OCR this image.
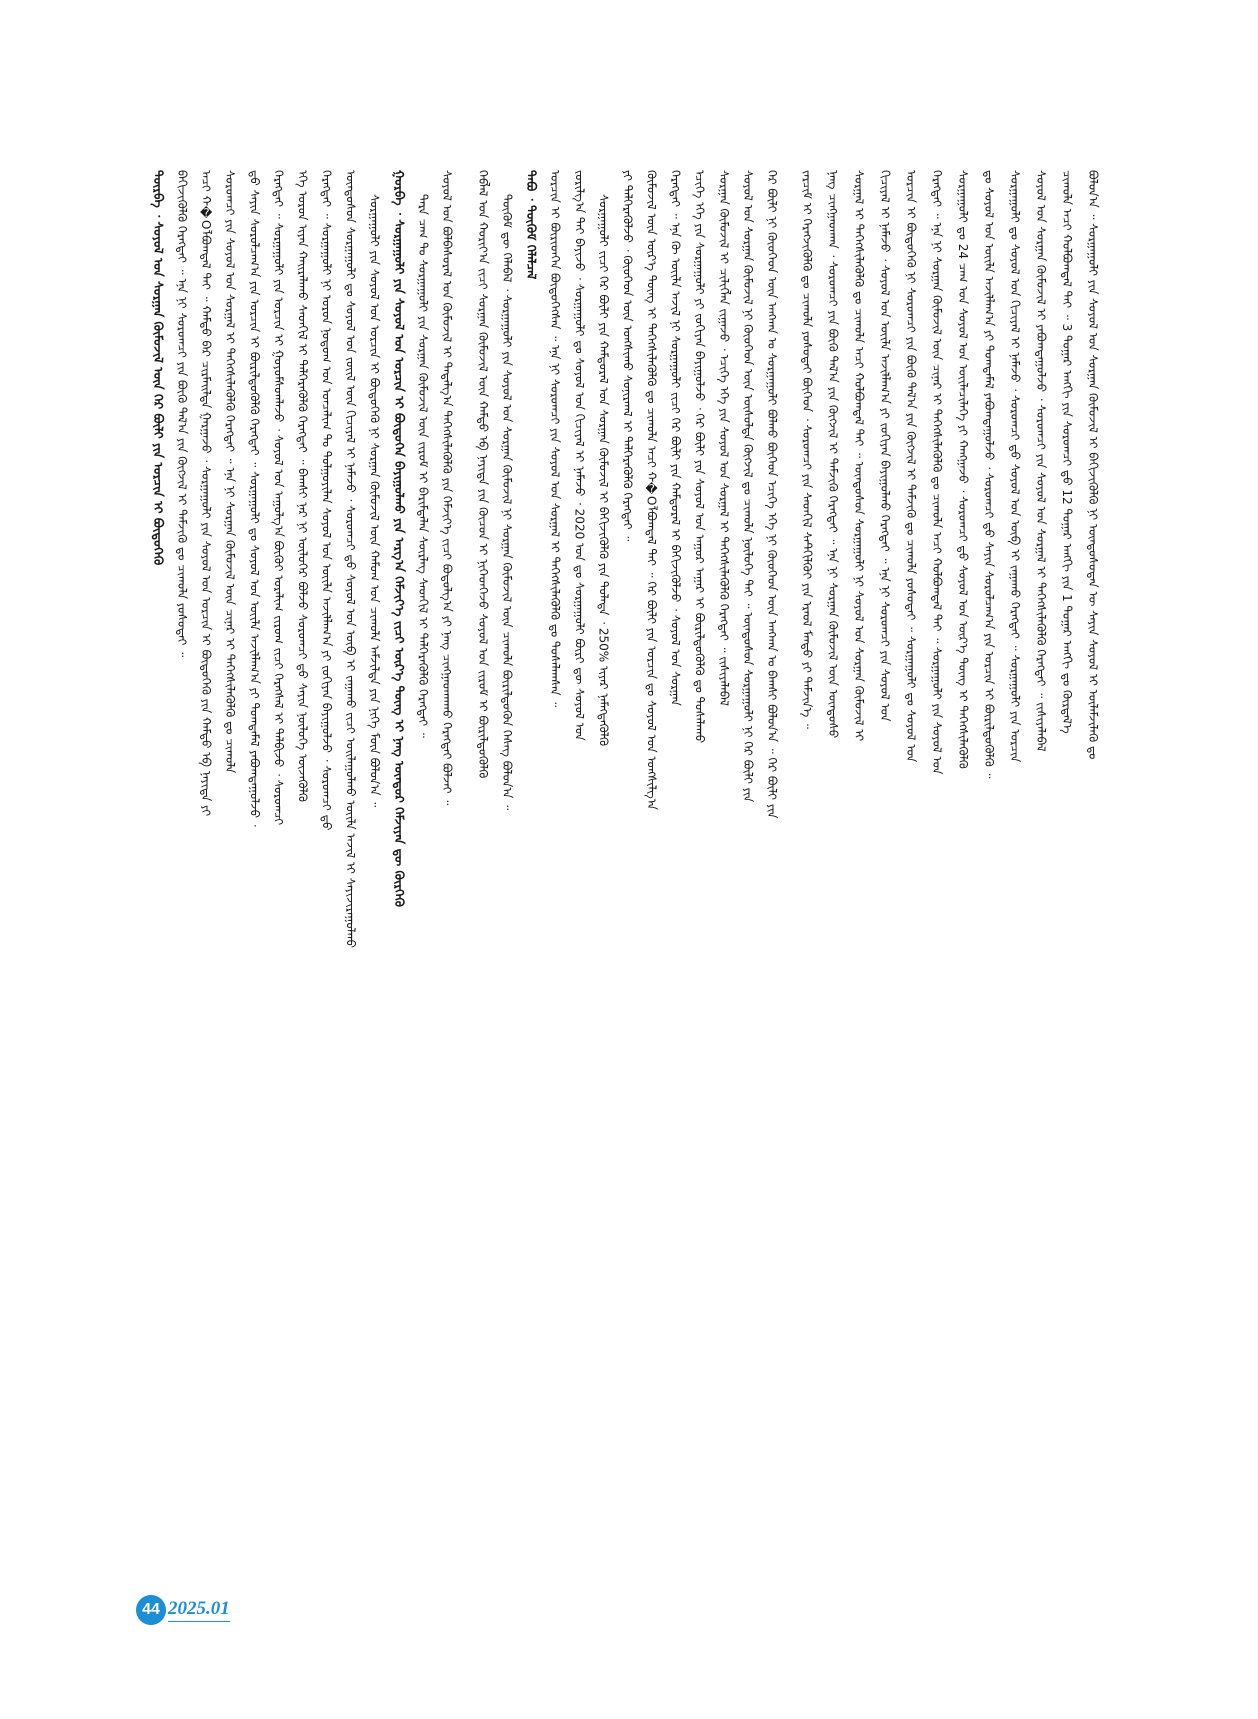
ᠪᠣᠯᠤᠨ᠎ᠠ ᠃ ᠰᠤᠷᠭᠠᠭᠤᠯᠢ ᠶᠢᠨ ᠰᠣᠶᠣᠯ ᠤᠨ ᠰᠤᠷᠭᠠᠨ ᠬᠦᠮᠦᠵᠢᠯ ᠢ ᠪᠡᠬᠢᠵᠢᠭᠦᠯᠬᠦ ᠨᠢ ᠦᠨᠳᠦᠰᠦᠲᠡᠨ ᠦ ᠰᠠᠶᠢᠨ ᠰᠣᠶᠣᠯ ᠢ ᠦᠯᠡᠮᠵᠢᠯᠡᠬᠦ ᠳᠤ
ᠴᠢᠬᠤᠯᠠ ᠠᠴᠢ ᠬᠣᠯᠪᠣᠭᠳᠠᠯ ᠲᠠᠢ ᠃ 3 ᠳᠤᠭᠠᠷ ᠠᠩᠭᠢ ᠶᠢᠨ ᠰᠤᠷᠤᠭᠴᠢ ᠳ᠋ᠤ 12 ᠳᠤᠭᠠᠷ ᠠᠩᠭᠢ ᠶᠢᠨ 1 ᠳᠤᠭᠠᠷ ᠠᠩᠭᠢ ᠳᠤ ᠬᠦᠷᠲᠡᠯ᠎ᠡ
ᠰᠣᠶᠣᠯ ᠤᠨ ᠰᠤᠷᠭᠠᠨ ᠬᠦᠮᠦᠵᠢᠯ ᠢ ᠶᠠᠪᠤᠭᠳᠠᠭᠤᠯᠵᠤ ᠂ ᠰᠤᠷᠤᠭᠴᠢ ᠶᠢᠨ ᠰᠣᠶᠣᠯ ᠤᠨ ᠰᠤᠷᠭᠠᠯ ᠢ ᠳᠡᠭᠡᠭᠰᠢᠯᠡᠭᠦᠯᠬᠦ ᠬᠡᠷᠡᠭᠲᠡᠢ ᠃ ᠵᠢᠱᠢᠶᠡᠯᠡᠪᠡᠯ
ᠰᠤᠷᠭᠠᠭᠤᠯᠢ ᠳᠤ ᠰᠣᠶᠣᠯ ᠤᠨ ᠬᠢᠴᠢᠶᠡᠯ ᠢ ᠨᠡᠮᠡᠵᠦ ᠂ ᠰᠤᠷᠤᠭᠴᠢ ᠳ᠋ᠤ ᠰᠣᠶᠣᠯ ᠤᠨ ᠦᠪ ᠢ ᠵᠠᠭᠠᠬᠤ ᠬᠡᠷᠡᠭᠲᠡᠢ ᠃ ᠰᠤᠷᠭᠠᠭᠤᠯᠢ ᠶᠢᠨ ᠣᠷᠴᠢᠨ
ᠳᠤ ᠰᠣᠶᠣᠯ ᠤᠨ ᠦᠢᠯᠡ ᠠᠵᠢᠯᠯᠠᠭ᠎ᠠ ᠶᠢ ᠲᠣᠭᠲᠠᠮᠠᠯ ᠶᠠᠪᠤᠭᠳᠠᠭᠤᠯᠵᠤ ᠂ ᠰᠤᠷᠤᠭᠴᠢ ᠳ᠋ᠤ ᠰᠠᠶᠢᠨ ᠰᠤᠷᠤᠯᠴᠠᠭ᠎ᠠ ᠶᠢᠨ ᠣᠷᠴᠢᠨ ᠢ ᠪᠦᠷᠢᠯᠳᠦᠭᠦᠯᠬᠦ ᠃
ᠰᠤᠷᠭᠠᠭᠤᠯᠢ ᠳᠤ 24 ᠴᠠᠭ ᠤᠨ ᠰᠣᠶᠣᠯ ᠤᠨ ᠦᠢᠯᠡᠴᠢᠯᠡᠭᠡ ᠶᠢ ᠬᠠᠩᠭᠠᠵᠤ ᠂ ᠰᠤᠷᠤᠭᠴᠢ ᠳ᠋ᠤ ᠰᠣᠶᠣᠯ ᠤᠨ ᠦᠷ᠎ᠡ ᠳᠦᠩ ᠢ ᠳᠡᠭᠡᠭᠰᠢᠯᠡᠭᠦᠯᠬᠦ
ᠬᠡᠷᠡᠭᠲᠡᠢ ᠃ ᠡᠨᠡ ᠨᠢ ᠰᠤᠷᠭᠠᠨ ᠬᠦᠮᠦᠵᠢᠯ ᠦᠨ ᠴᠢᠨᠠᠷ ᠢ ᠳᠡᠭᠡᠭᠰᠢᠯᠡᠭᠦᠯᠬᠦ ᠳᠤ ᠴᠢᠬᠤᠯᠠ ᠠᠴᠢ ᠬᠣᠯᠪᠣᠭᠳᠠᠯ ᠲᠠᠢ ᠃ ᠰᠤᠷᠭᠠᠭᠤᠯᠢ ᠶᠢᠨ ᠰᠣᠶᠣᠯ ᠤᠨ
ᠣᠷᠴᠢᠨ ᠢ ᠪᠦᠲᠦᠭᠡᠬᠦ ᠨᠢ ᠰᠤᠷᠤᠭᠴᠢ ᠶᠢᠨ ᠪᠦᠬᠦ ᠲᠠᠯ᠎ᠠ ᠶᠢᠨ ᠬᠥᠭᠵᠢᠯ ᠢ ᠳᠡᠮᠵᠢᠬᠦ ᠳᠤ ᠴᠢᠬᠤᠯᠠ ᠶᠤᠰᠤᠲᠠᠢ ᠃ ᠰᠤᠷᠭᠠᠭᠤᠯᠢ ᠳᠤ ᠰᠣᠶᠣᠯ ᠤᠨ
ᠬᠢᠴᠢᠶᠡᠯ ᠢ ᠨᠡᠮᠡᠵᠦ ᠂ ᠰᠣᠶᠣᠯ ᠤᠨ ᠦᠢᠯᠡ ᠠᠵᠢᠯᠯᠠᠭ᠎ᠠ ᠶᠢ ᠵᠣᠬᠢᠶᠠᠨ ᠪᠠᠶᠢᠭᠤᠯᠬᠤ ᠬᠡᠷᠡᠭᠲᠡᠢ ᠃ ᠡᠨᠡ ᠨᠢ ᠰᠤᠷᠤᠭᠴᠢ ᠶᠢᠨ ᠰᠣᠶᠣᠯ ᠤᠨ
ᠰᠤᠷᠭᠠᠯ ᠢ ᠳᠡᠭᠡᠭᠰᠢᠯᠡᠭᠦᠯᠬᠦ ᠳᠤ ᠴᠢᠬᠤᠯᠠ ᠠᠴᠢ ᠬᠣᠯᠪᠣᠭᠳᠠᠯ ᠲᠠᠢ ᠃ ᠦᠨᠳᠦᠰᠦᠨ ᠰᠤᠷᠭᠠᠭᠤᠯᠢ ᠨᠢ ᠰᠣᠶᠣᠯ ᠤᠨ ᠰᠤᠷᠭᠠᠨ ᠬᠦᠮᠦᠵᠢᠯ ᠢ
ᠨᠡᠩ ᠴᠢᠩᠭᠠᠳᠬᠠᠨ ᠂ ᠰᠤᠷᠤᠭᠴᠢ ᠶᠢᠨ ᠪᠦᠬᠦ ᠲᠠᠯ᠎ᠠ ᠶᠢᠨ ᠬᠥᠭᠵᠢᠯ ᠢ ᠳᠡᠮᠵᠢᠬᠦ ᠬᠡᠷᠡᠭᠲᠡᠢ ᠃ ᠡᠨᠡ ᠨᠢ ᠰᠤᠷᠭᠠᠨ ᠬᠦᠮᠦᠵᠢᠯ ᠦᠨ ᠦᠨᠳᠦᠰᠦ
ᠵᠠᠷᠴᠢᠮ ᠢ ᠬᠡᠷᠡᠭᠵᠢᠭᠦᠯᠬᠦ ᠳᠤ ᠴᠢᠬᠤᠯᠠ ᠶᠤᠰᠤᠲᠠᠢ ᠪᠥᠭᠡᠳ ᠂ ᠰᠤᠷᠤᠭᠴᠢ ᠶᠢᠨ ᠰᠡᠳᠬᠢᠯ ᠰᠡᠲᠬᠢᠯᠬᠦᠢ ᠶᠢᠨ ᠡᠷᠡᠦᠯ ᠮᠡᠨᠳᠦ ᠶᠢ ᠳᠡᠮᠵᠢᠨ᠎ᠡ ᠃
ᠭᠡᠷ ᠪᠦᠯᠢ ᠨᠢ ᠬᠦᠦᠬᠡᠳ ᠦᠨ ᠠᠩᠬᠠᠨ ᠤ ᠰᠤᠷᠭᠠᠭᠤᠯᠢ ᠪᠣᠯᠬᠤ ᠪᠥᠭᠡᠳ ᠡᠴᠢᠭᠡ ᠡᠬᠡ ᠨᠢ ᠬᠦᠦᠬᠡᠳ ᠦᠨ ᠠᠩᠬᠠᠨ ᠤ ᠪᠠᠭᠰᠢ ᠪᠣᠯᠤᠨ᠎ᠠ ᠃ ᠭᠡᠷ ᠪᠦᠯᠢ ᠶᠢᠨ
ᠰᠣᠶᠣᠯ ᠤᠨ ᠰᠤᠷᠭᠠᠨ ᠬᠦᠮᠦᠵᠢᠯ ᠨᠢ ᠬᠦᠦᠬᠡᠳ ᠦᠨ ᠥᠰᠦᠯᠲᠡ ᠬᠥᠭᠵᠢᠯ ᠳᠤ ᠴᠢᠬᠤᠯᠠ ᠨᠥᠯᠦᠭᠡ ᠲᠠᠢ ᠃ ᠦᠨᠳᠦᠰᠦᠨ ᠰᠤᠷᠭᠠᠭᠤᠯᠢ ᠨᠢ ᠭᠡᠷ ᠪᠦᠯᠢ ᠶᠢᠨ
ᠰᠤᠷᠭᠠᠨ ᠬᠦᠮᠦᠵᠢᠯ ᠢ ᠴᠢᠯᠢᠭᠯᠡᠨ ᠵᠢᠭᠠᠵᠤ ᠂ ᠡᠴᠢᠭᠡ ᠡᠬᠡ ᠶᠢᠨ ᠰᠣᠶᠣᠯ ᠤᠨ ᠰᠤᠷᠭᠠᠯ ᠢ ᠳᠡᠭᠡᠭᠰᠢᠯᠡᠭᠦᠯᠬᠦ ᠬᠡᠷᠡᠭᠲᠡᠢ ᠃ ᠵᠢᠱᠢᠶᠡᠯᠡᠪᠡᠯ
ᠡᠴᠢᠭᠡ ᠡᠬᠡ ᠶᠢᠨ ᠰᠤᠷᠭᠠᠭᠤᠯᠢ ᠶᠢ ᠵᠣᠬᠢᠶᠠᠨ ᠪᠠᠶᠢᠭᠤᠯᠵᠤ ᠂ ᠭᠡᠷ ᠪᠦᠯᠢ ᠶᠢᠨ ᠰᠣᠶᠣᠯ ᠤᠨ ᠠᠭᠤᠷ ᠠᠭᠠᠷ ᠢ ᠪᠦᠷᠢᠯᠳᠦᠭᠦᠯᠬᠦ ᠳᠤ ᠲᠤᠰᠠᠯᠠᠬᠤ
ᠬᠡᠷᠡᠭᠲᠡᠢ ᠃ ᠡᠨᠡ ᠬᠦ ᠦᠢᠯᠡ ᠠᠵᠢᠯ ᠨᠢ ᠰᠤᠷᠭᠠᠭᠤᠯᠢ ᠵᠢᠴᠢ ᠭᠡᠷ ᠪᠦᠯᠢ ᠶᠢᠨ ᠬᠠᠮᠲᠤᠷᠠᠯ ᠢ ᠪᠡᠬᠢᠵᠢᠭᠦᠯᠵᠦ ᠂ ᠰᠣᠶᠣᠯ ᠤᠨ ᠰᠤᠷᠭᠠᠨ
ᠬᠦᠮᠦᠵᠢᠯ ᠦᠨ ᠦᠷ᠎ᠡ ᠳᠦᠩ ᠢ ᠳᠡᠭᠡᠭᠰᠢᠯᠡᠭᠦᠯᠬᠦ ᠳᠤ ᠴᠢᠬᠤᠯᠠ ᠠᠴᠢ ᠬ�Оᠯᠪᠣᠭᠳᠠᠯ ᠲᠠᠢ ᠃ ᠭᠡᠷ ᠪᠦᠯᠢ ᠶᠢᠨ ᠣᠷᠴᠢᠨ ᠳᠤ ᠰᠣᠶᠣᠯ ᠤᠨ ᠤᠩᠰᠢᠯᠭ᠎ᠠ
ᠶᠢ ᠳᠡᠯᠭᠡᠷᠡᠭᠦᠯᠵᠦ ᠂ ᠬᠦᠦᠬᠡᠳ ᠦᠨ ᠤᠩᠰᠢᠬᠤ ᠰᠣᠨᠢᠷᠬᠠᠯ ᠢ ᠲᠡᠯᠭᠡᠷᠡᠭᠦᠯᠬᠦ ᠬᠡᠷᠡᠭᠲᠡᠢ ᠃
ᠰᠤᠷᠭᠠᠭᠤᠯᠢ ᠵᠢᠴᠢ ᠭᠡᠷ ᠪᠦᠯᠢ ᠶᠢᠨ ᠬᠠᠮᠲᠤᠷᠠᠯ ᠤᠨ ᠰᠤᠷᠭᠠᠨ ᠬᠦᠮᠦᠵᠢᠯ ᠢ ᠪᠡᠬᠢᠵᠢᠭᠦᠯᠬᠦ ᠶᠢᠨ ᠲᠤᠯᠠᠳᠠ ᠂ 250% ᠢᠶᠠᠷ ᠨᠡᠮᠡᠭᠳᠡᠭᠦᠯᠬᠦ
ᠵᠣᠷᠢᠯᠭ᠎ᠠ ᠲᠠᠢ ᠪᠠᠶᠢᠵᠤ ᠂ ᠰᠤᠷᠭᠠᠭᠤᠯᠢ ᠳᠤ ᠰᠣᠶᠣᠯ ᠤᠨ ᠬᠢᠴᠢᠶᠡᠯ ᠢ ᠨᠡᠮᠡᠵᠦ ᠂ 2020 ᠣᠨ ᠳᠤ ᠰᠤᠷᠭᠠᠭᠤᠯᠢ ᠪᠦᠷᠢ ᠳᠦ ᠰᠣᠶᠣᠯ ᠤᠨ
ᠣᠷᠴᠢᠨ ᠢ ᠪᠦᠷᠢᠳᠬᠡᠨ ᠪᠦᠲᠦᠭᠡᠭᠰᠡᠨ ᠃ ᠡᠨᠡ ᠨᠢ ᠰᠤᠷᠤᠭᠴᠢ ᠶᠢᠨ ᠰᠣᠶᠣᠯ ᠤᠨ ᠰᠤᠷᠭᠠᠯ ᠢ ᠳᠡᠭᠡᠭᠰᠢᠯᠡᠭᠦᠯᠬᠦ ᠳᠤ ᠲᠤᠰᠠᠯᠠᠭᠰᠠᠨ ᠃
ᠲᠠᠪᠤ ᠂ ᠳᠦᠭᠦᠮ ᠬᠡᠯᠡᠯᠴᠡᠯ
ᠳᠦᠭᠦᠮ ᠳᠦ ᠬᠡᠯᠡᠪᠡᠯ ᠂ ᠰᠤᠷᠭᠠᠭᠤᠯᠢ ᠶᠢᠨ ᠰᠣᠶᠣᠯ ᠤᠨ ᠰᠤᠷᠭᠠᠨ ᠬᠦᠮᠦᠵᠢᠯ ᠨᠢ ᠰᠤᠷᠭᠠᠨ ᠬᠦᠮᠦᠵᠢᠯ ᠦᠨ ᠴᠢᠬᠤᠯᠠ ᠪᠦᠷᠢᠯᠳᠦᠬᠦᠨ ᠬᠡᠰᠡᠭ ᠪᠣᠯᠤᠨ᠎ᠠ ᠃
ᠬᠡᠪᠯᠡᠯ ᠤᠨ ᠬᠣᠷᠢᠶ᠎ᠠ ᠵᠢᠴᠢ ᠰᠤᠷᠭᠠᠨ ᠬᠦᠮᠦᠵᠢᠯ ᠦᠨ ᠬᠠᠮᠲᠤ ᠡᠪ ᠨᠡᠶᠢᠲᠡ ᠶᠢᠨ ᠬᠦᠴᠦᠨ ᠢ ᠨᠢᠭᠡᠳᠭᠡᠵᠦ ᠰᠣᠶᠣᠯ ᠤᠨ ᠵᠢᠷᠤᠮ ᠢ ᠪᠦᠷᠢᠯᠳᠦᠭᠦᠯᠬᠦ
ᠰᠣᠶᠣᠯ ᠤᠨ ᠪᠣᠯᠪᠠᠰᠤᠷᠠᠯ ᠤᠨ ᠬᠦᠮᠦᠵᠢᠯ ᠢ ᠲᠠᠲᠠᠯᠭ᠎ᠠ ᠳᠡᠭᠡᠭᠰᠢᠯᠡᠭᠦᠯᠬᠦ ᠶᠢᠨ ᠬᠡᠮᠵᠢᠶ᠎ᠡ ᠵᠢᠴᠢ ᠪᠣᠳᠤᠯᠭ᠎ᠠ ᠶᠢ ᠨᠡᠩ ᠴᠢᠩᠭᠠᠳᠬᠠᠬᠤ ᠬᠡᠷᠡᠭᠲᠡᠢ ᠪᠣᠯᠵᠠᠢ ᠃
ᠲᠡᠷᠡ ᠴᠠᠭ ᠲᠤ ᠰᠤᠷᠭᠠᠭᠤᠯᠢ ᠶᠢᠨ ᠰᠤᠷᠭᠠᠨ ᠬᠦᠮᠦᠵᠢᠯ ᠦᠨ ᠵᠢᠷᠤᠮ ᠢ ᠪᠠᠷᠢᠮᠲᠠᠯᠠᠨ ᠰᠦᠷᠯᠡᠭ ᠰᠡᠳᠬᠢᠯ ᠢ ᠲᠡᠯᠭᠡᠷᠡᠭᠦᠯᠬᠦ ᠬᠡᠷᠡᠭᠲᠡᠢ ᠃
ᠭᠤᠷᠪᠠ ᠂ ᠰᠤᠷᠭᠠᠭᠤᠯᠢ ᠶᠢᠨ ᠰᠣᠶᠣᠯ ᠤᠨ ᠣᠷᠴᠢᠨ ᠢ ᠪᠦᠲᠦᠭᠡᠨ ᠪᠠᠶᠢᠭᠤᠯᠬᠤ ᠶᠢᠨ ᠠᠷᠭ᠎ᠠ ᠬᠡᠮᠵᠢᠶ᠎ᠡ ᠵᠢᠴᠢ ᠦᠷ᠎ᠡ ᠳᠦᠩ ᠢ ᠨᠡᠩ ᠦᠨᠳᠦᠷ ᠬᠡᠮᠵᠢᠶᠡᠨ ᠳᠦ ᠬᠦᠷᠭᠡᠬᠦ
ᠰᠤᠷᠭᠠᠭᠤᠯᠢ ᠶᠢᠨ ᠰᠣᠶᠣᠯ ᠤᠨ ᠣᠷᠴᠢᠨ ᠢ ᠪᠦᠲᠦᠭᠡᠬᠦ ᠨᠢ ᠰᠤᠷᠭᠠᠨ ᠬᠦᠮᠦᠵᠢᠯ ᠦᠨ ᠬᠠᠮᠤᠭ ᠤᠨ ᠴᠢᠬᠤᠯᠠ ᠠᠮᠵᠢᠯᠲᠠ ᠶᠢᠨ ᠨᠢᠭᠡ ᠮᠥᠨ ᠪᠣᠯᠤᠨ᠎ᠠ ᠃
ᠦᠨᠳᠦᠰᠦᠨ ᠰᠤᠷᠭᠠᠭᠤᠯᠢ ᠳᠤ ᠰᠣᠶᠣᠯ ᠤᠨ ᠵᠦᠢᠯ ᠦᠨ ᠬᠢᠴᠢᠶᠡᠯ ᠢ ᠨᠡᠮᠡᠵᠦ ᠂ ᠰᠤᠷᠤᠭᠴᠢ ᠳ᠋ᠤ ᠰᠣᠶᠣᠯ ᠤᠨ ᠦᠪ ᠢ ᠵᠠᠭᠠᠬᠤ ᠵᠢᠴᠢ ᠣᠢᠯᠠᠭᠤᠯᠬᠤ ᠦᠢᠯᠡ ᠠᠵᠢᠯ ᠢ ᠰᠠᠶᠢᠵᠢᠷᠠᠭᠤᠯᠬᠤ
ᠬᠡᠷᠡᠭᠲᠡᠢ ᠃ ᠰᠤᠷᠭᠠᠭᠤᠯᠢ ᠨᠢ ᠣᠷᠤᠨ ᠨᠤᠲᠤᠭ ᠤᠨ ᠣᠨᠴᠠᠯᠢᠭ ᠲᠤ ᠲᠣᠯᠭᠣᠶᠢᠯᠠᠨ ᠰᠣᠶᠣᠯ ᠤᠨ ᠦᠢᠯᠡ ᠠᠵᠢᠯᠯᠠᠭ᠎ᠠ ᠶᠢ ᠵᠣᠬᠢᠶᠠᠨ ᠪᠠᠶᠢᠭᠤᠯᠵᠤ ᠂ ᠰᠤᠷᠤᠭᠴᠢ ᠳ᠋ᠤ
ᠡᠬᠡ ᠣᠷᠤᠨ ᠢᠶᠠᠨ ᠬᠠᠢᠷᠠᠯᠠᠬᠤ ᠰᠡᠳᠬᠢᠯ ᠢ ᠲᠡᠯᠭᠡᠷᠡᠭᠦᠯᠬᠦ ᠬᠡᠷᠡᠭᠲᠡᠢ ᠃ ᠪᠠᠭᠰᠢ ᠨᠠᠷ ᠨᠢ ᠦᠯᠦᠭᠡᠷ ᠪᠣᠯᠵᠤ ᠰᠤᠷᠤᠭᠴᠢ ᠳ᠋ᠤ ᠰᠠᠶᠢᠨ ᠨᠥᠯᠦᠭᠡ ᠦᠵᠡᠭᠦᠯᠬᠦ
ᠬᠡᠷᠡᠭᠲᠡᠢ ᠃ ᠰᠤᠷᠭᠠᠭᠤᠯᠢ ᠶᠢᠨ ᠣᠷᠴᠢᠨ ᠢ ᠭᠣᠶᠣᠮᠰᠤᠭᠯᠠᠵᠤ ᠂ ᠰᠣᠶᠣᠯ ᠤᠨ ᠠᠭᠤᠯᠭ᠎ᠠ ᠪᠦᠬᠦᠢ ᠤᠷᠠᠯᠢᠭ ᠵᠢᠷᠤᠭ ᠵᠢᠴᠢ ᠬᠡᠷᠡᠭᠰᠡᠯ ᠢ ᠲᠠᠯᠪᠢᠵᠤ ᠂ ᠰᠤᠷᠤᠭᠴᠢ
ᠳ᠋ᠤ ᠰᠠᠶᠢᠨ ᠰᠤᠷᠤᠯᠴᠠᠭ᠎ᠠ ᠶᠢᠨ ᠣᠷᠴᠢᠨ ᠢ ᠪᠦᠷᠢᠯᠳᠦᠭᠦᠯᠬᠦ ᠬᠡᠷᠡᠭᠲᠡᠢ ᠃ ᠰᠤᠷᠭᠠᠭᠤᠯᠢ ᠳᠤ ᠰᠣᠶᠣᠯ ᠤᠨ ᠦᠢᠯᠡ ᠠᠵᠢᠯᠯᠠᠭ᠎ᠠ ᠶᠢ ᠲᠣᠭᠲᠠᠮᠠᠯ ᠶᠠᠪᠤᠭᠳᠠᠭᠤᠯᠵᠤ ᠂
ᠰᠤᠷᠤᠭᠴᠢ ᠶᠢᠨ ᠰᠣᠶᠣᠯ ᠤᠨ ᠰᠤᠷᠭᠠᠯ ᠢ ᠳᠡᠭᠡᠭᠰᠢᠯᠡᠭᠦᠯᠬᠦ ᠬᠡᠷᠡᠭᠲᠡᠢ ᠃ ᠡᠨᠡ ᠨᠢ ᠰᠤᠷᠭᠠᠨ ᠬᠦᠮᠦᠵᠢᠯ ᠦᠨ ᠴᠢᠨᠠᠷ ᠢ ᠳᠡᠭᠡᠭᠰᠢᠯᠡᠭᠦᠯᠬᠦ ᠳᠤ ᠴᠢᠬᠤᠯᠠ
ᠠᠴᠢ ᠬ�Оᠯᠪᠣᠭᠳᠠᠯ ᠲᠠᠢ ᠃ ᠬᠠᠮᠲᠤ ᠪᠡᠷ ᠴᠢᠷᠮᠠᠢᠯᠲᠠ ᠭᠠᠷᠭᠠᠵᠤ ᠂ ᠰᠤᠷᠭᠠᠭᠤᠯᠢ ᠶᠢᠨ ᠰᠣᠶᠣᠯ ᠤᠨ ᠣᠷᠴᠢᠨ ᠢ ᠪᠦᠲᠦᠭᠡᠬᠦ ᠶᠢᠨ ᠬᠠᠮᠲᠤ ᠡᠪ ᠨᠡᠶᠢᠲᠡ ᠶᠢ
ᠪᠡᠬᠢᠵᠢᠭᠦᠯᠬᠦ ᠬᠡᠷᠡᠭᠲᠡᠢ ᠃ ᠡᠨᠡ ᠨᠢ ᠰᠤᠷᠤᠭᠴᠢ ᠶᠢᠨ ᠪᠦᠬᠦ ᠲᠠᠯ᠎ᠠ ᠶᠢᠨ ᠬᠥᠭᠵᠢᠯ ᠢ ᠳᠡᠮᠵᠢᠬᠦ ᠳᠤ ᠴᠢᠬᠤᠯᠠ ᠶᠤᠰᠤᠲᠠᠢ ᠃
ᠳᠥᠷᠪᠡ ᠂ ᠰᠣᠶᠣᠯ ᠤᠨ ᠰᠤᠷᠭᠠᠨ ᠬᠦᠮᠦᠵᠢᠯ ᠦᠨ ᠭᠡᠷ ᠪᠦᠯᠢ ᠶᠢᠨ ᠣᠷᠴᠢᠨ ᠢ ᠪᠦᠲᠦᠭᠡᠬᠦ
44 2025.01
